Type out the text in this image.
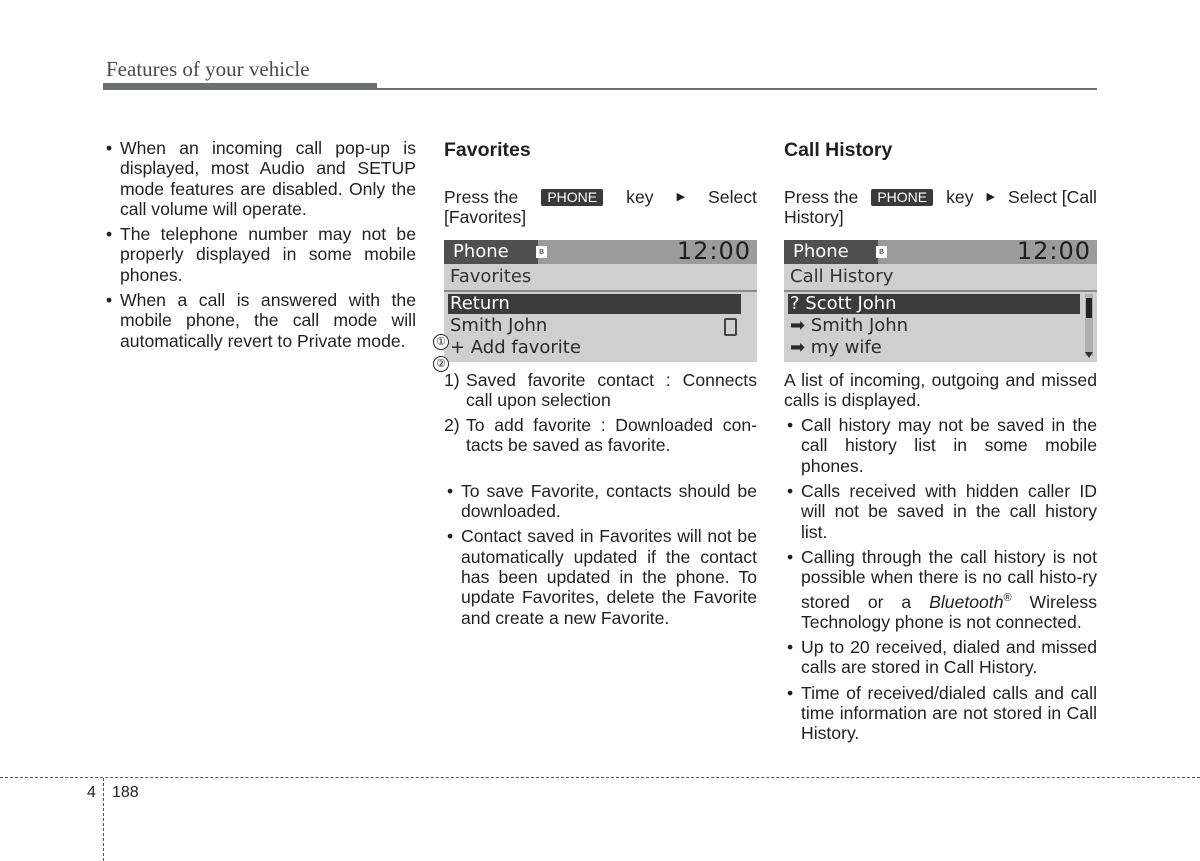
Features of your vehicle
• When an incoming call pop-up is displayed, most Audio and SETUP mode features are disabled. Only the call volume will operate.
• The telephone number may not be properly displayed in some mobile phones.
• When a call is answered with the mobile phone, the call mode will automatically revert to Private mode.
Favorites
Press the	PHONE	key ▶ Select
[Favorites]
Phone	ʙ	12:00
Favorites
Return
Smith John
+ Add favorite
1) Saved favorite contact : Connects call upon selection
2) To add favorite : Downloaded con-tacts be saved as favorite.
• To save Favorite, contacts should be downloaded.
• Contact saved in Favorites will not be automatically updated if the contact has been updated in the phone. To update Favorites, delete the Favorite and create a new Favorite.
①
②
Call History
Press the	PHONE	key ▶ Select [Call
History]
Phone	ʙ	12:00
Call History
? Scott John
➡ Smith John
➡ my wife

A list of incoming, outgoing and missed calls is displayed.

• Call history may not be saved in the call history list in some mobile phones.
• Calls received with hidden caller ID will not be saved in the call history list.
• Calling through the call history is not possible when there is no call histo-ry stored or a Bluetooth® Wireless Technology phone is not connected.
• Up to 20 received, dialed and missed calls are stored in Call History.
• Time of received/dialed calls and call time information are not stored in Call History.
4 188
